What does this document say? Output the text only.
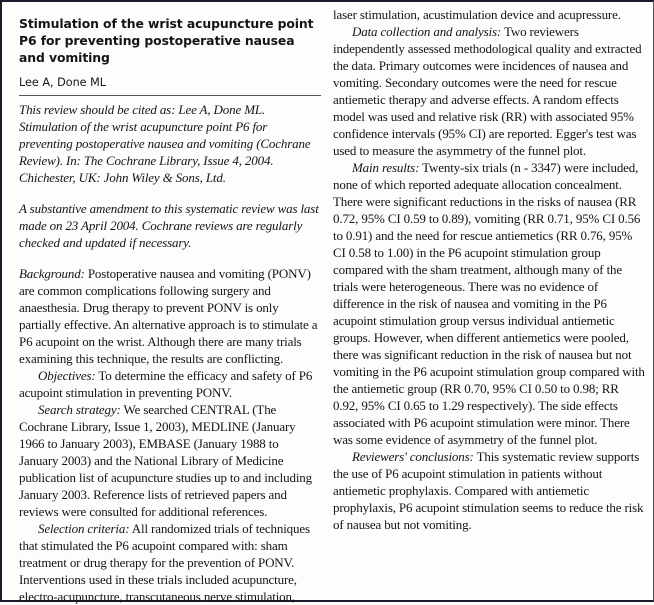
Stimulation of the wrist acupuncture point P6 for preventing postoperative nausea and vomiting
Lee A, Done ML

This review should be cited as: Lee A, Done ML. Stimulation of the wrist acupuncture point P6 for preventing postoperative nausea and vomiting (Cochrane Review). In: The Cochrane Library, Issue 4, 2004. Chichester, UK: John Wiley & Sons, Ltd.

A substantive amendment to this systematic review was last made on 23 April 2004. Cochrane reviews are regularly checked and updated if necessary.

Background: Postoperative nausea and vomiting (PONV) are common complications following surgery and anaesthesia. Drug therapy to prevent PONV is only partially effective. An alternative approach is to stimulate a P6 acupoint on the wrist. Although there are many trials examining this technique, the results are conflicting.

Objectives: To determine the efficacy and safety of P6 acupoint stimulation in preventing PONV.

Search strategy: We searched CENTRAL (The Cochrane Library, Issue 1, 2003), MEDLINE (January 1966 to January 2003), EMBASE (January 1988 to January 2003) and the National Library of Medicine publication list of acupuncture studies up to and including January 2003. Reference lists of retrieved papers and reviews were consulted for additional references.

Selection criteria: All randomized trials of techniques that stimulated the P6 acupoint compared with: sham treatment or drug therapy for the prevention of PONV. Interventions used in these trials included acupuncture, electro-acupuncture, transcutaneous nerve stimulation,

laser stimulation, acustimulation device and acupressure.

Data collection and analysis: Two reviewers independently assessed methodological quality and extracted the data. Primary outcomes were incidences of nausea and vomiting. Secondary outcomes were the need for rescue antiemetic therapy and adverse effects. A random effects model was used and relative risk (RR) with associated 95% confidence intervals (95% CI) are reported. Egger's test was used to measure the asymmetry of the funnel plot.

Main results: Twenty-six trials (n - 3347) were included, none of which reported adequate allocation concealment. There were significant reductions in the risks of nausea (RR 0.72, 95% CI 0.59 to 0.89), vomiting (RR 0.71, 95% CI 0.56 to 0.91) and the need for rescue antiemetics (RR 0.76, 95% CI 0.58 to 1.00) in the P6 acupoint stimulation group compared with the sham treatment, although many of the trials were heterogeneous. There was no evidence of difference in the risk of nausea and vomiting in the P6 acupoint stimulation group versus individual antiemetic groups. However, when different antiemetics were pooled, there was significant reduction in the risk of nausea but not vomiting in the P6 acupoint stimulation group compared with the antiemetic group (RR 0.70, 95% CI 0.50 to 0.98; RR 0.92, 95% CI 0.65 to 1.29 respectively). The side effects associated with P6 acupoint stimulation were minor. There was some evidence of asymmetry of the funnel plot.

Reviewers' conclusions: This systematic review supports the use of P6 acupoint stimulation in patients without antiemetic prophylaxis. Compared with antiemetic prophylaxis, P6 acupoint stimulation seems to reduce the risk of nausea but not vomiting.
